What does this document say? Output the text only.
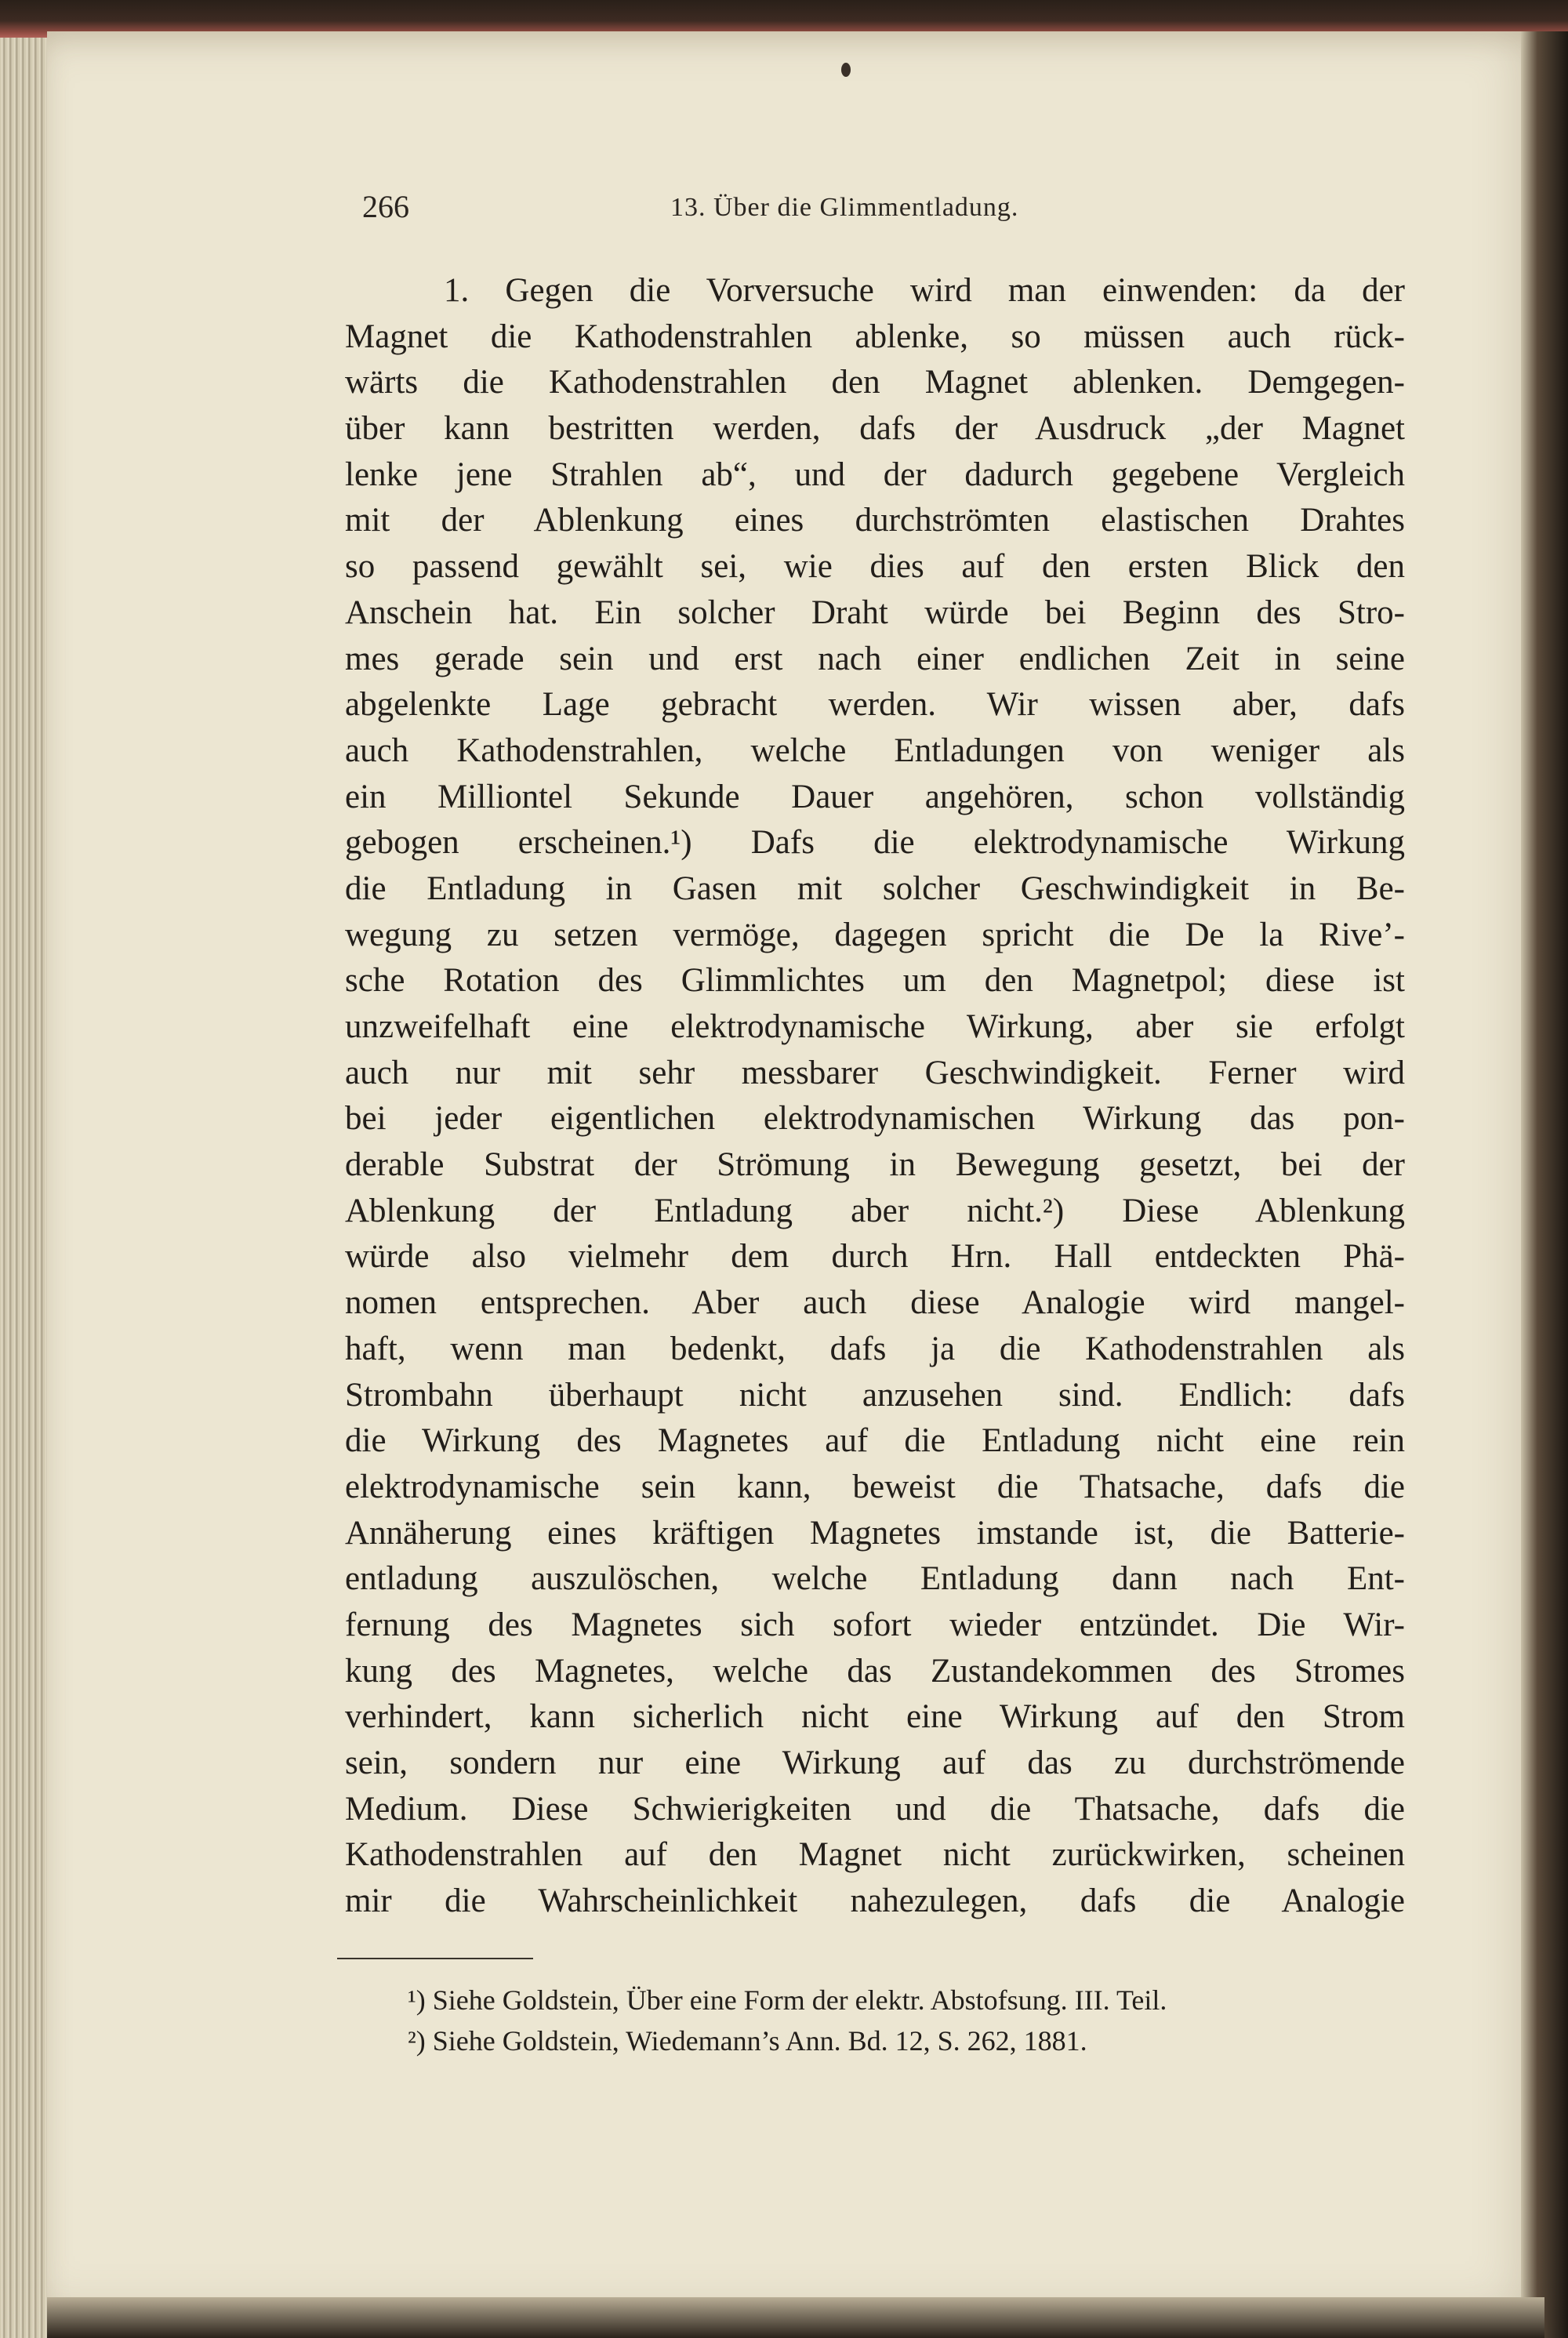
266	13. Über die Glimmentladung.
1. Gegen die Vorversuche wird man einwenden: da der
Magnet die Kathodenstrahlen ablenke, so müssen auch rück-
wärts die Kathodenstrahlen den Magnet ablenken. Demgegen-
über kann bestritten werden, dafs der Ausdruck „der Magnet
lenke jene Strahlen ab“, und der dadurch gegebene Vergleich
mit der Ablenkung eines durchströmten elastischen Drahtes
so passend gewählt sei, wie dies auf den ersten Blick den
Anschein hat. Ein solcher Draht würde bei Beginn des Stro-
mes gerade sein und erst nach einer endlichen Zeit in seine
abgelenkte Lage gebracht werden. Wir wissen aber, dafs
auch Kathodenstrahlen, welche Entladungen von weniger als
ein Milliontel Sekunde Dauer angehören, schon vollständig
gebogen erscheinen.¹) Dafs die elektrodynamische Wirkung
die Entladung in Gasen mit solcher Geschwindigkeit in Be-
wegung zu setzen vermöge, dagegen spricht die De la Rive’-
sche Rotation des Glimmlichtes um den Magnetpol; diese ist
unzweifelhaft eine elektrodynamische Wirkung, aber sie erfolgt
auch nur mit sehr messbarer Geschwindigkeit. Ferner wird
bei jeder eigentlichen elektrodynamischen Wirkung das pon-
derable Substrat der Strömung in Bewegung gesetzt, bei der
Ablenkung der Entladung aber nicht.²) Diese Ablenkung
würde also vielmehr dem durch Hrn. Hall entdeckten Phä-
nomen entsprechen. Aber auch diese Analogie wird mangel-
haft, wenn man bedenkt, dafs ja die Kathodenstrahlen als
Strombahn überhaupt nicht anzusehen sind. Endlich: dafs
die Wirkung des Magnetes auf die Entladung nicht eine rein
elektrodynamische sein kann, beweist die Thatsache, dafs die
Annäherung eines kräftigen Magnetes imstande ist, die Batterie-
entladung auszulöschen, welche Entladung dann nach Ent-
fernung des Magnetes sich sofort wieder entzündet. Die Wir-
kung des Magnetes, welche das Zustandekommen des Stromes
verhindert, kann sicherlich nicht eine Wirkung auf den Strom
sein, sondern nur eine Wirkung auf das zu durchströmende
Medium. Diese Schwierigkeiten und die Thatsache, dafs die
Kathodenstrahlen auf den Magnet nicht zurückwirken, scheinen
mir die Wahrscheinlichkeit nahezulegen, dafs die Analogie
¹) Siehe Goldstein, Über eine Form der elektr. Abstofsung. III. Teil.
²) Siehe Goldstein, Wiedemann’s Ann. Bd. 12, S. 262, 1881.
